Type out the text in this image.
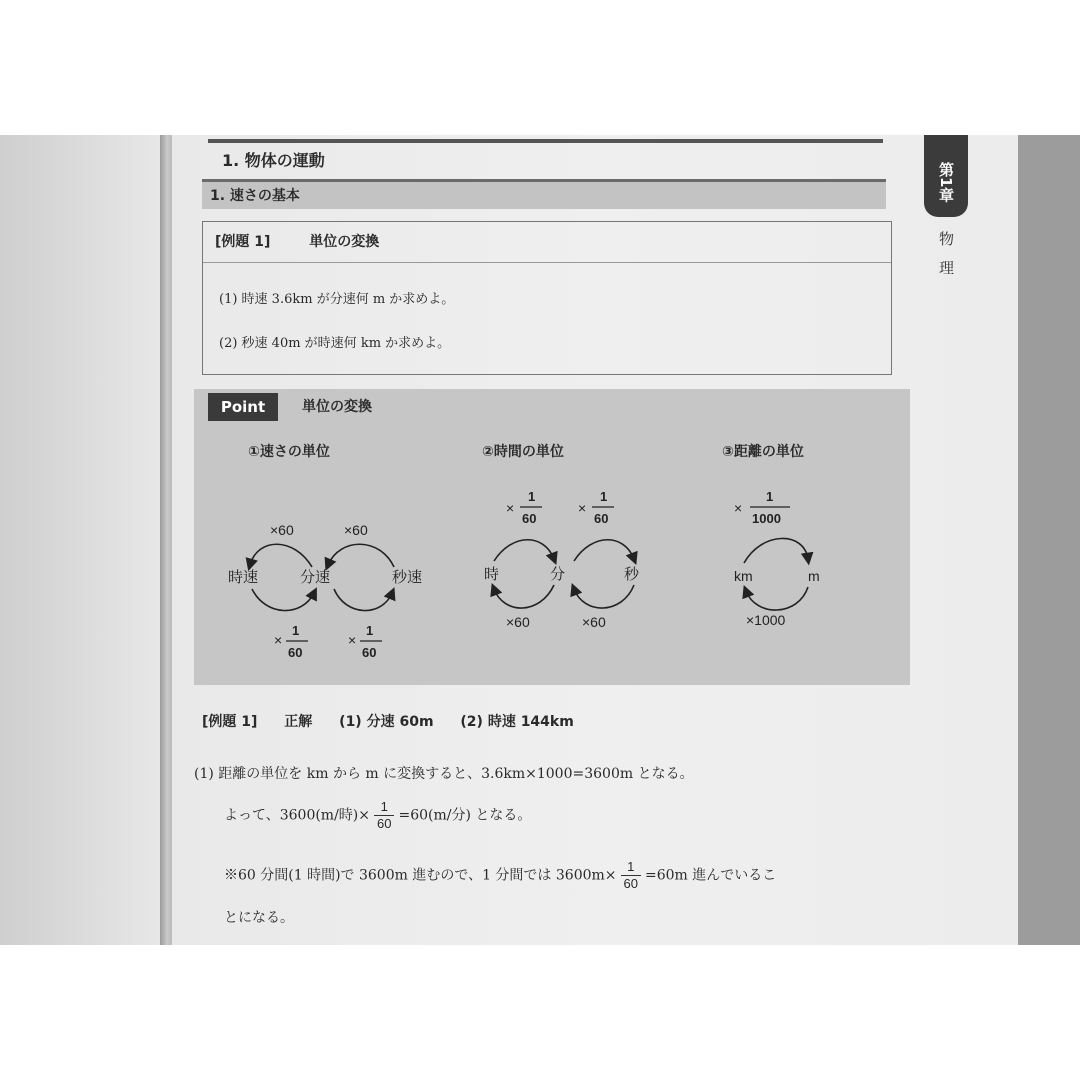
第1章
物理
1. 物体の運動
1. 速さの基本
[例題 1]	単位の変換
(1) 時速 3.6km が分速何 m か求めよ。
(2) 秒速 40m が時速何 km か求めよ。
Point	単位の変換
①速さの単位	②時間の単位	③距離の単位
時速	分速	秒速
×60	×60
×
1
60
×
1
60
時	分	秒
×
1
60
×
1
60
×60	×60
km	m
×
1
1000
×1000
[例題 1] 正解 (1) 分速 60m (2) 時速 144km
(1) 距離の単位を km から m に変換すると、3.6km×1000=3600m となる。
よって、3600(m/時)× $\frac{1}{60} =60(m/$分) となる。
※60 分間(1 時間)で 3600m 進むので、1 分間では $3600m\times \frac{1}{60} =60m$ 進んでいるこ
とになる。
